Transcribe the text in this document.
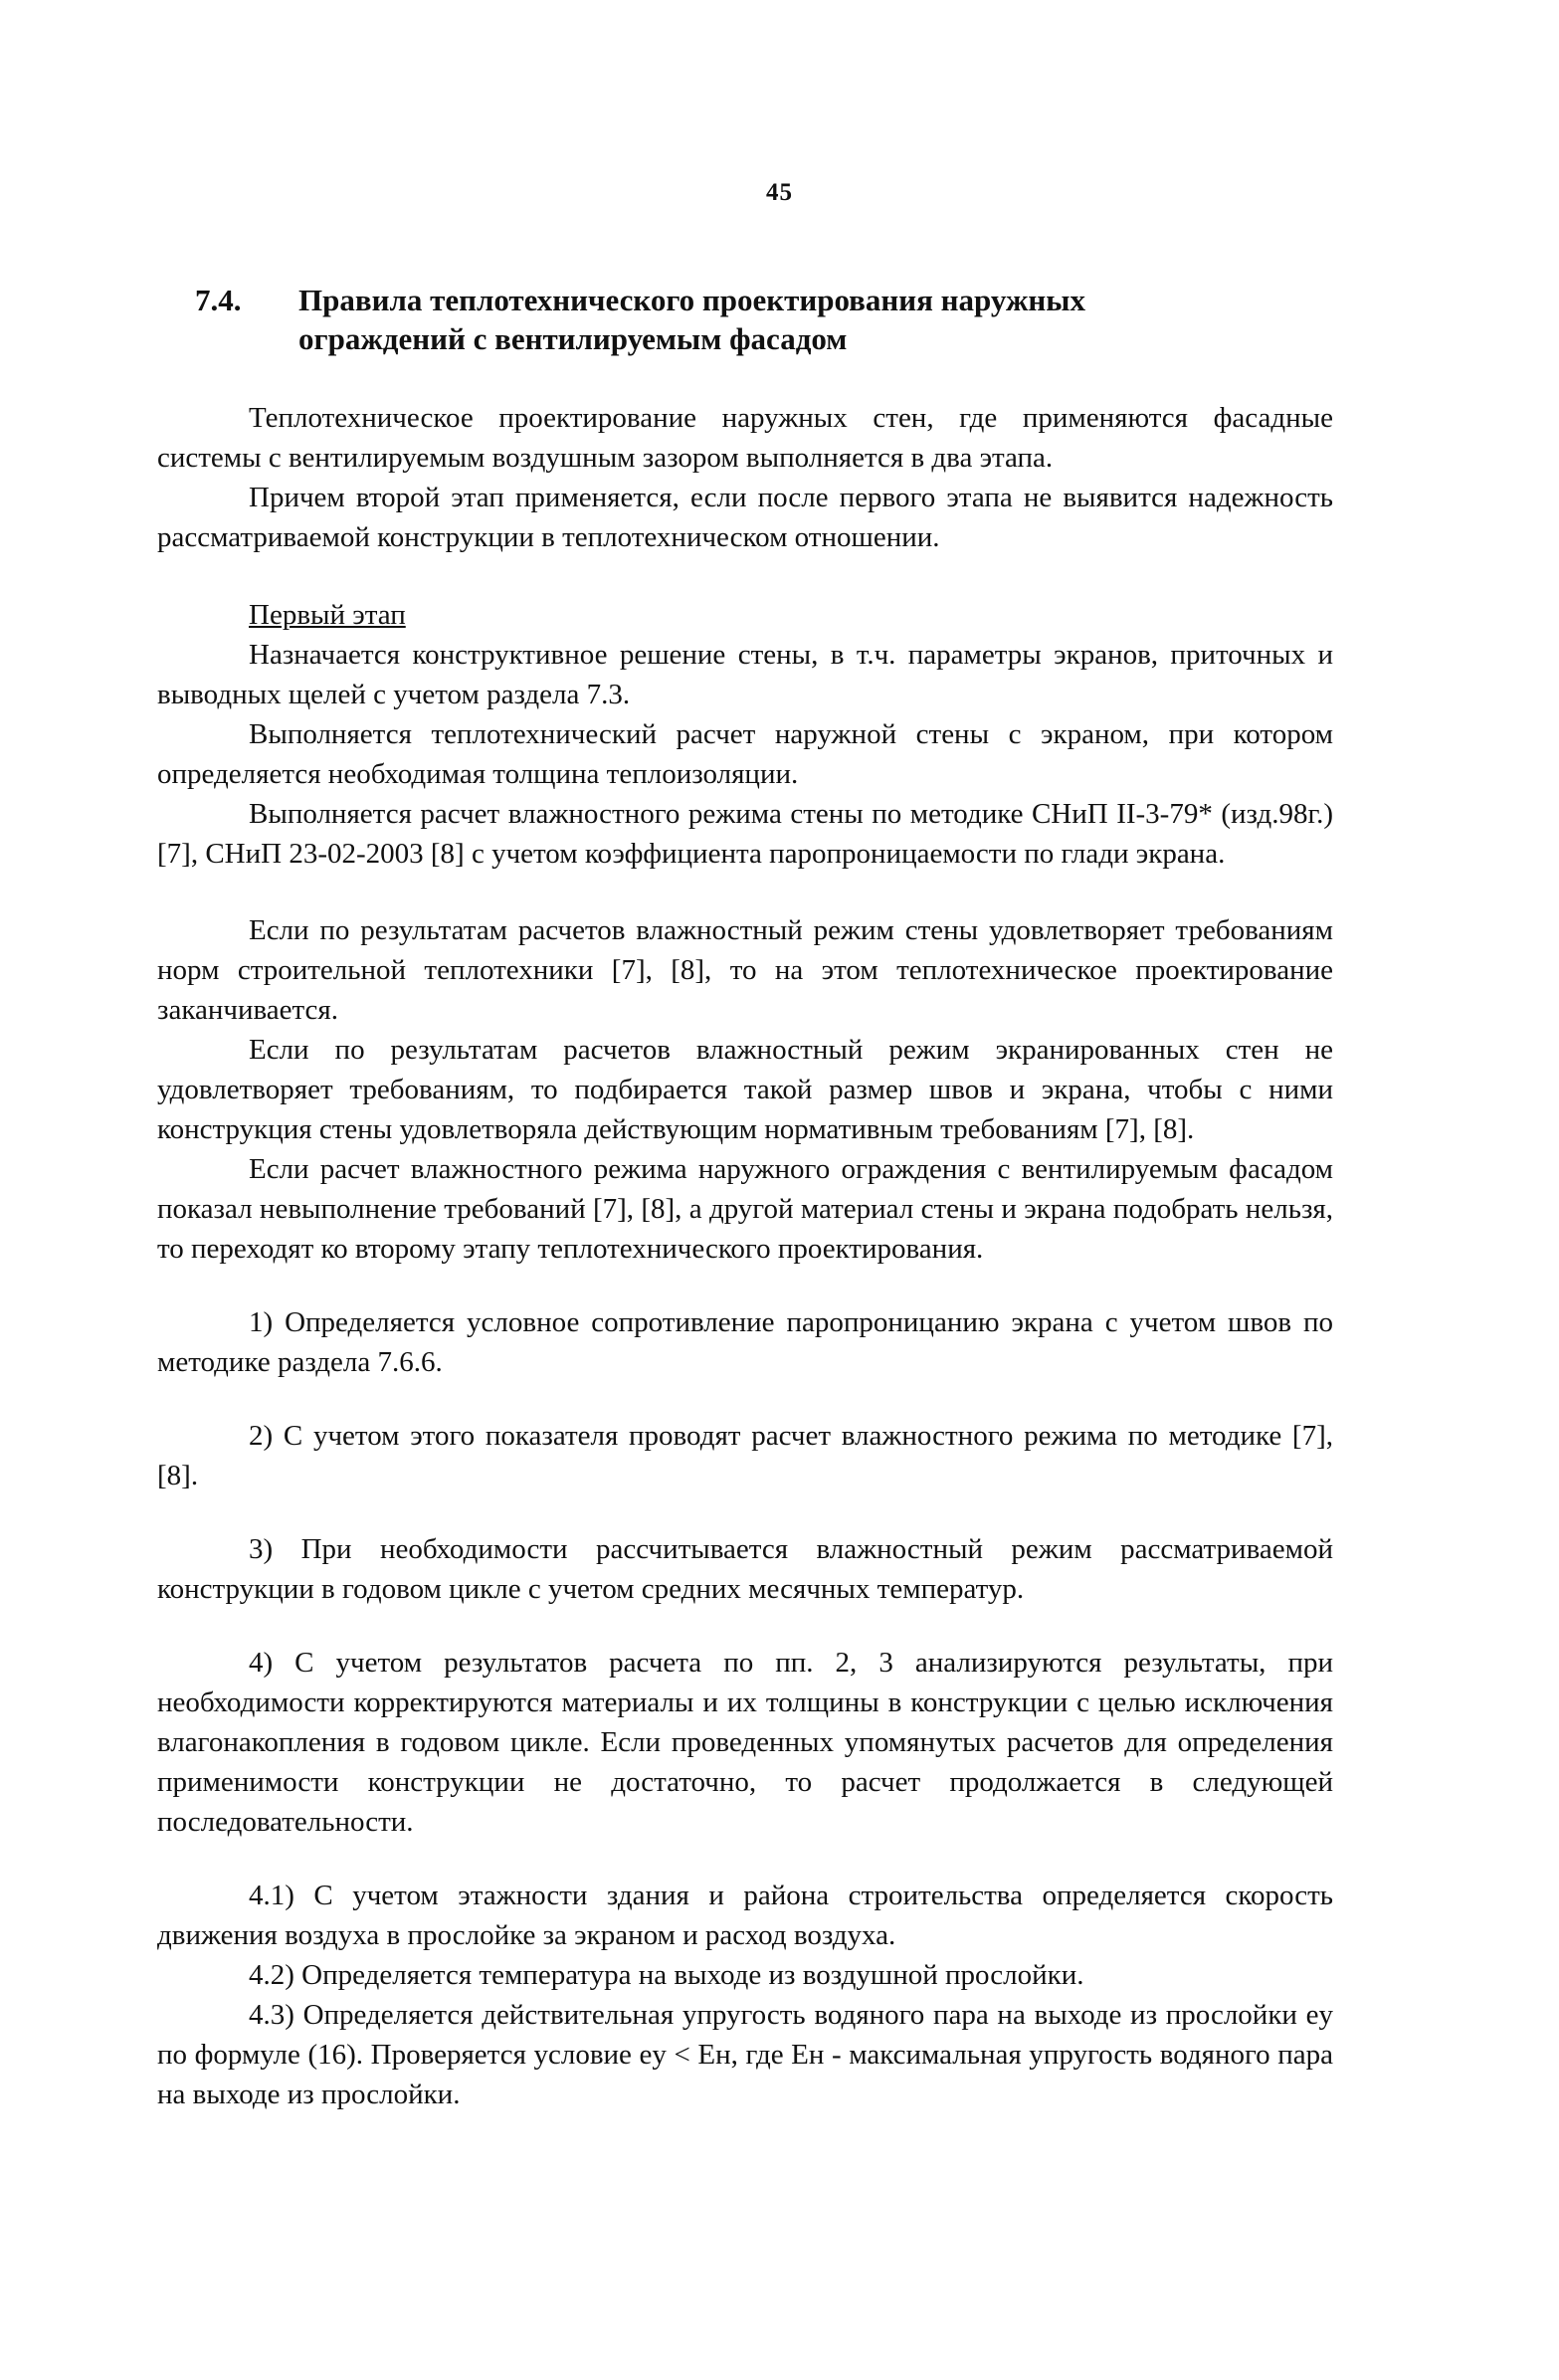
45
7.4.	Правила теплотехнического проектирования наружных ограждений с вентилируемым фасадом

Теплотехническое проектирование наружных стен, где применяются фасадные системы с вентилируемым воздушным зазором выполняется в два этапа.

Причем второй этап применяется, если после первого этапа не выявится надежность рассматриваемой конструкции в теплотехническом отношении.

Первый этап

Назначается конструктивное решение стены, в т.ч. параметры экранов, приточных и выводных щелей с учетом раздела 7.3.

Выполняется теплотехнический расчет наружной стены с экраном, при котором определяется необходимая толщина теплоизоляции.

Выполняется расчет влажностного режима стены по методике СНиП II-3-79* (изд.98г.) [7], СНиП 23-02-2003 [8] с учетом коэффициента паропроницаемости по глади экрана.

Если по результатам расчетов влажностный режим стены удовлетворяет требованиям норм строительной теплотехники [7], [8], то на этом теплотехническое проектирование заканчивается.

Если по результатам расчетов влажностный режим экранированных стен не удовлетворяет требованиям, то подбирается такой размер швов и экрана, чтобы с ними конструкция стены удовлетворяла действующим нормативным требованиям [7], [8].

Если расчет влажностного режима наружного ограждения с вентилируемым фасадом показал невыполнение требований [7], [8], а другой материал стены и экрана подобрать нельзя, то переходят ко второму этапу теплотехнического проектирования.

1) Определяется условное сопротивление паропроницанию экрана с учетом швов по методике раздела 7.6.6.

2) С учетом этого показателя проводят расчет влажностного режима по методике [7], [8].

3) При необходимости рассчитывается влажностный режим рассматриваемой конструкции в годовом цикле с учетом средних месячных температур.

4) С учетом результатов расчета по пп. 2, 3 анализируются результаты, при необходимости корректируются материалы и их толщины в конструкции с целью исключения влагонакопления в годовом цикле. Если проведенных упомянутых расчетов для определения применимости конструкции не достаточно, то расчет продолжается в следующей последовательности.

4.1) С учетом этажности здания и района строительства определяется скорость движения воздуха в прослойке за экраном и расход воздуха.

4.2) Определяется температура на выходе из воздушной прослойки.

4.3) Определяется действительная упругость водяного пара на выходе из прослойки eу по формуле (16). Проверяется условие eу < Eн, где Eн - максимальная упругость водяного пара на выходе из прослойки.
